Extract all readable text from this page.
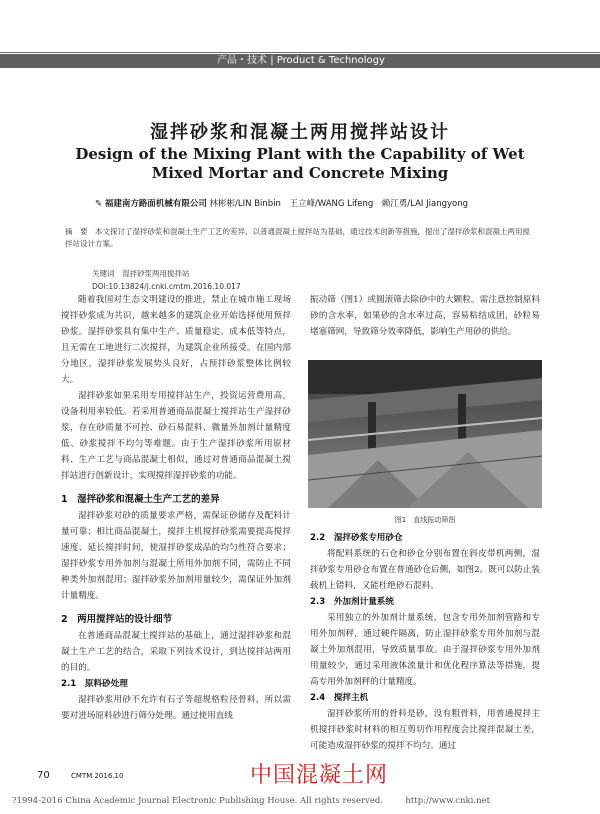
产品・技术 | Product & Technology
湿拌砂浆和混凝土两用搅拌站设计
Design of the Mixing Plant with the Capability of Wet
Mixed Mortar and Concrete Mixing
✎ 福建南方路面机械有限公司 林彬彬/LIN Binbin　王立峰/WANG Lifeng　赖江勇/LAI Jiangyong
摘　要　本文探讨了湿拌砂浆和混凝土生产工艺的差异，以普通混凝土搅拌站为基础，通过技术创新等措施，提出了湿拌砂浆和混凝土两用搅拌站设计方案。
关键词　湿拌砂浆两用搅拌站
DOI:10.13824/j.cnki.cmtm.2016.10.017

随着我国对生态文明建设的推进，禁止在城市施工现场搅拌砂浆成为共识，越来越多的建筑企业开始选择使用预拌砂浆。湿拌砂浆具有集中生产、质量稳定、成本低等特点，且无需在工地进行二次搅拌，为建筑企业所接受。在国内部分地区，湿拌砂浆发展势头良好，占预拌砂浆整体比例较大。

湿拌砂浆如果采用专用搅拌站生产，投资运营费用高，设备利用率较低。若采用普通商品混凝土搅拌站生产湿拌砂浆，存在砂质量不可控、砂石易混料、微量外加剂计量精度低、砂浆搅拌不均匀等难题。由于生产湿拌砂浆所用原材料、生产工艺与商品混凝土相似，通过对普通商品混凝土搅拌站进行创新设计，实现搅拌湿拌砂浆的功能。

1　湿拌砂浆和混凝土生产工艺的差异

湿拌砂浆对砂的质量要求严格，需保证砂储存及配料计量可靠；相比商品混凝土，搅拌主机搅拌砂浆需要提高搅拌速度、延长搅拌时间，使湿拌砂浆成品的均匀性符合要求；湿拌砂浆专用外加剂与混凝土所用外加剂不同，需防止不同种类外加剂混用；湿拌砂浆外加剂用量较少，需保证外加剂计量精度。

2　两用搅拌站的设计细节

在普通商品混凝土搅拌站的基础上，通过湿拌砂浆和混凝土生产工艺的结合，采取下列技术设计，到达搅拌站两用的目的。

2.1　原料砂处理

湿拌砂浆用砂不允许有石子等超规格粒径骨料，所以需要对进场原料砂进行筛分处理。通过使用直线

振动筛（图1）或圆滚筛去除砂中的大颗粒。需注意控制原料砂的含水率，如果砂的含水率过高，容易粘结成团，砂粒易堵塞筛网，导致筛分效率降低，影响生产用砂的供给。

图1　直线振动筛图
2.2　湿拌砂浆专用砂仓

将配料系统的石仓和砂仓分别布置在斜皮带机两侧，湿拌砂浆专用砂仓布置在普通砂仓后侧，如图2。既可以防止装载机上错料，又能杜绝砂石混料。

2.3　外加剂计量系统

采用独立的外加剂计量系统，包含专用外加剂管路和专用外加剂秤，通过硬件隔离，防止湿拌砂浆专用外加剂与混凝土外加剂混用，导致质量事故。由于湿拌砂浆专用外加剂用量较少，通过采用液体流量计和优化程序算法等措施，提高专用外加剂秤的计量精度。

2.4　搅拌主机

湿拌砂浆所用的骨料是砂，没有粗骨料，用普通搅拌主机搅拌砂浆时材料的相互剪切作用程度会比搅拌混凝土差，可能造成湿拌砂浆的搅拌不均匀。通过

70	CMTM 2016.10	中国混凝土网
?1994-2016 China Academic Journal Electronic Publishing House. All rights reserved.	http://www.cnki.net
